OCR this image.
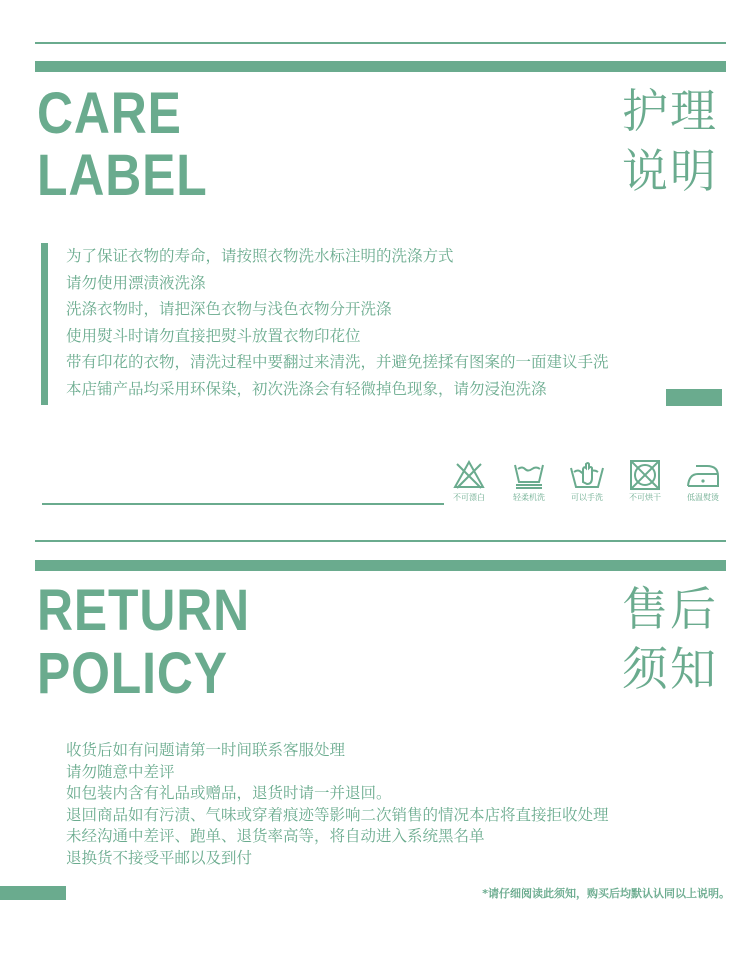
CARE
LABEL
护理
说明
为了保证衣物的寿命，请按照衣物洗水标注明的洗涤方式
请勿使用漂渍液洗涤
洗涤衣物时，请把深色衣物与浅色衣物分开洗涤
使用熨斗时请勿直接把熨斗放置衣物印花位
带有印花的衣物，清洗过程中要翻过来清洗，并避免搓揉有图案的一面建议手洗
本店铺产品均采用环保染，初次洗涤会有轻微掉色现象，请勿浸泡洗涤
不可漂白	轻柔机洗	可以手洗	不可烘干	低温熨烫
RETURN
POLICY
售后
须知
收货后如有问题请第一时间联系客服处理
请勿随意中差评
如包装内含有礼品或赠品，退货时请一并退回。
退回商品如有污渍、气味或穿着痕迹等影响二次销售的情况本店将直接拒收处理
未经沟通中差评、跑单、退货率高等，将自动进入系统黑名单
退换货不接受平邮以及到付
*请仔细阅读此须知，购买后均默认认同以上说明。
